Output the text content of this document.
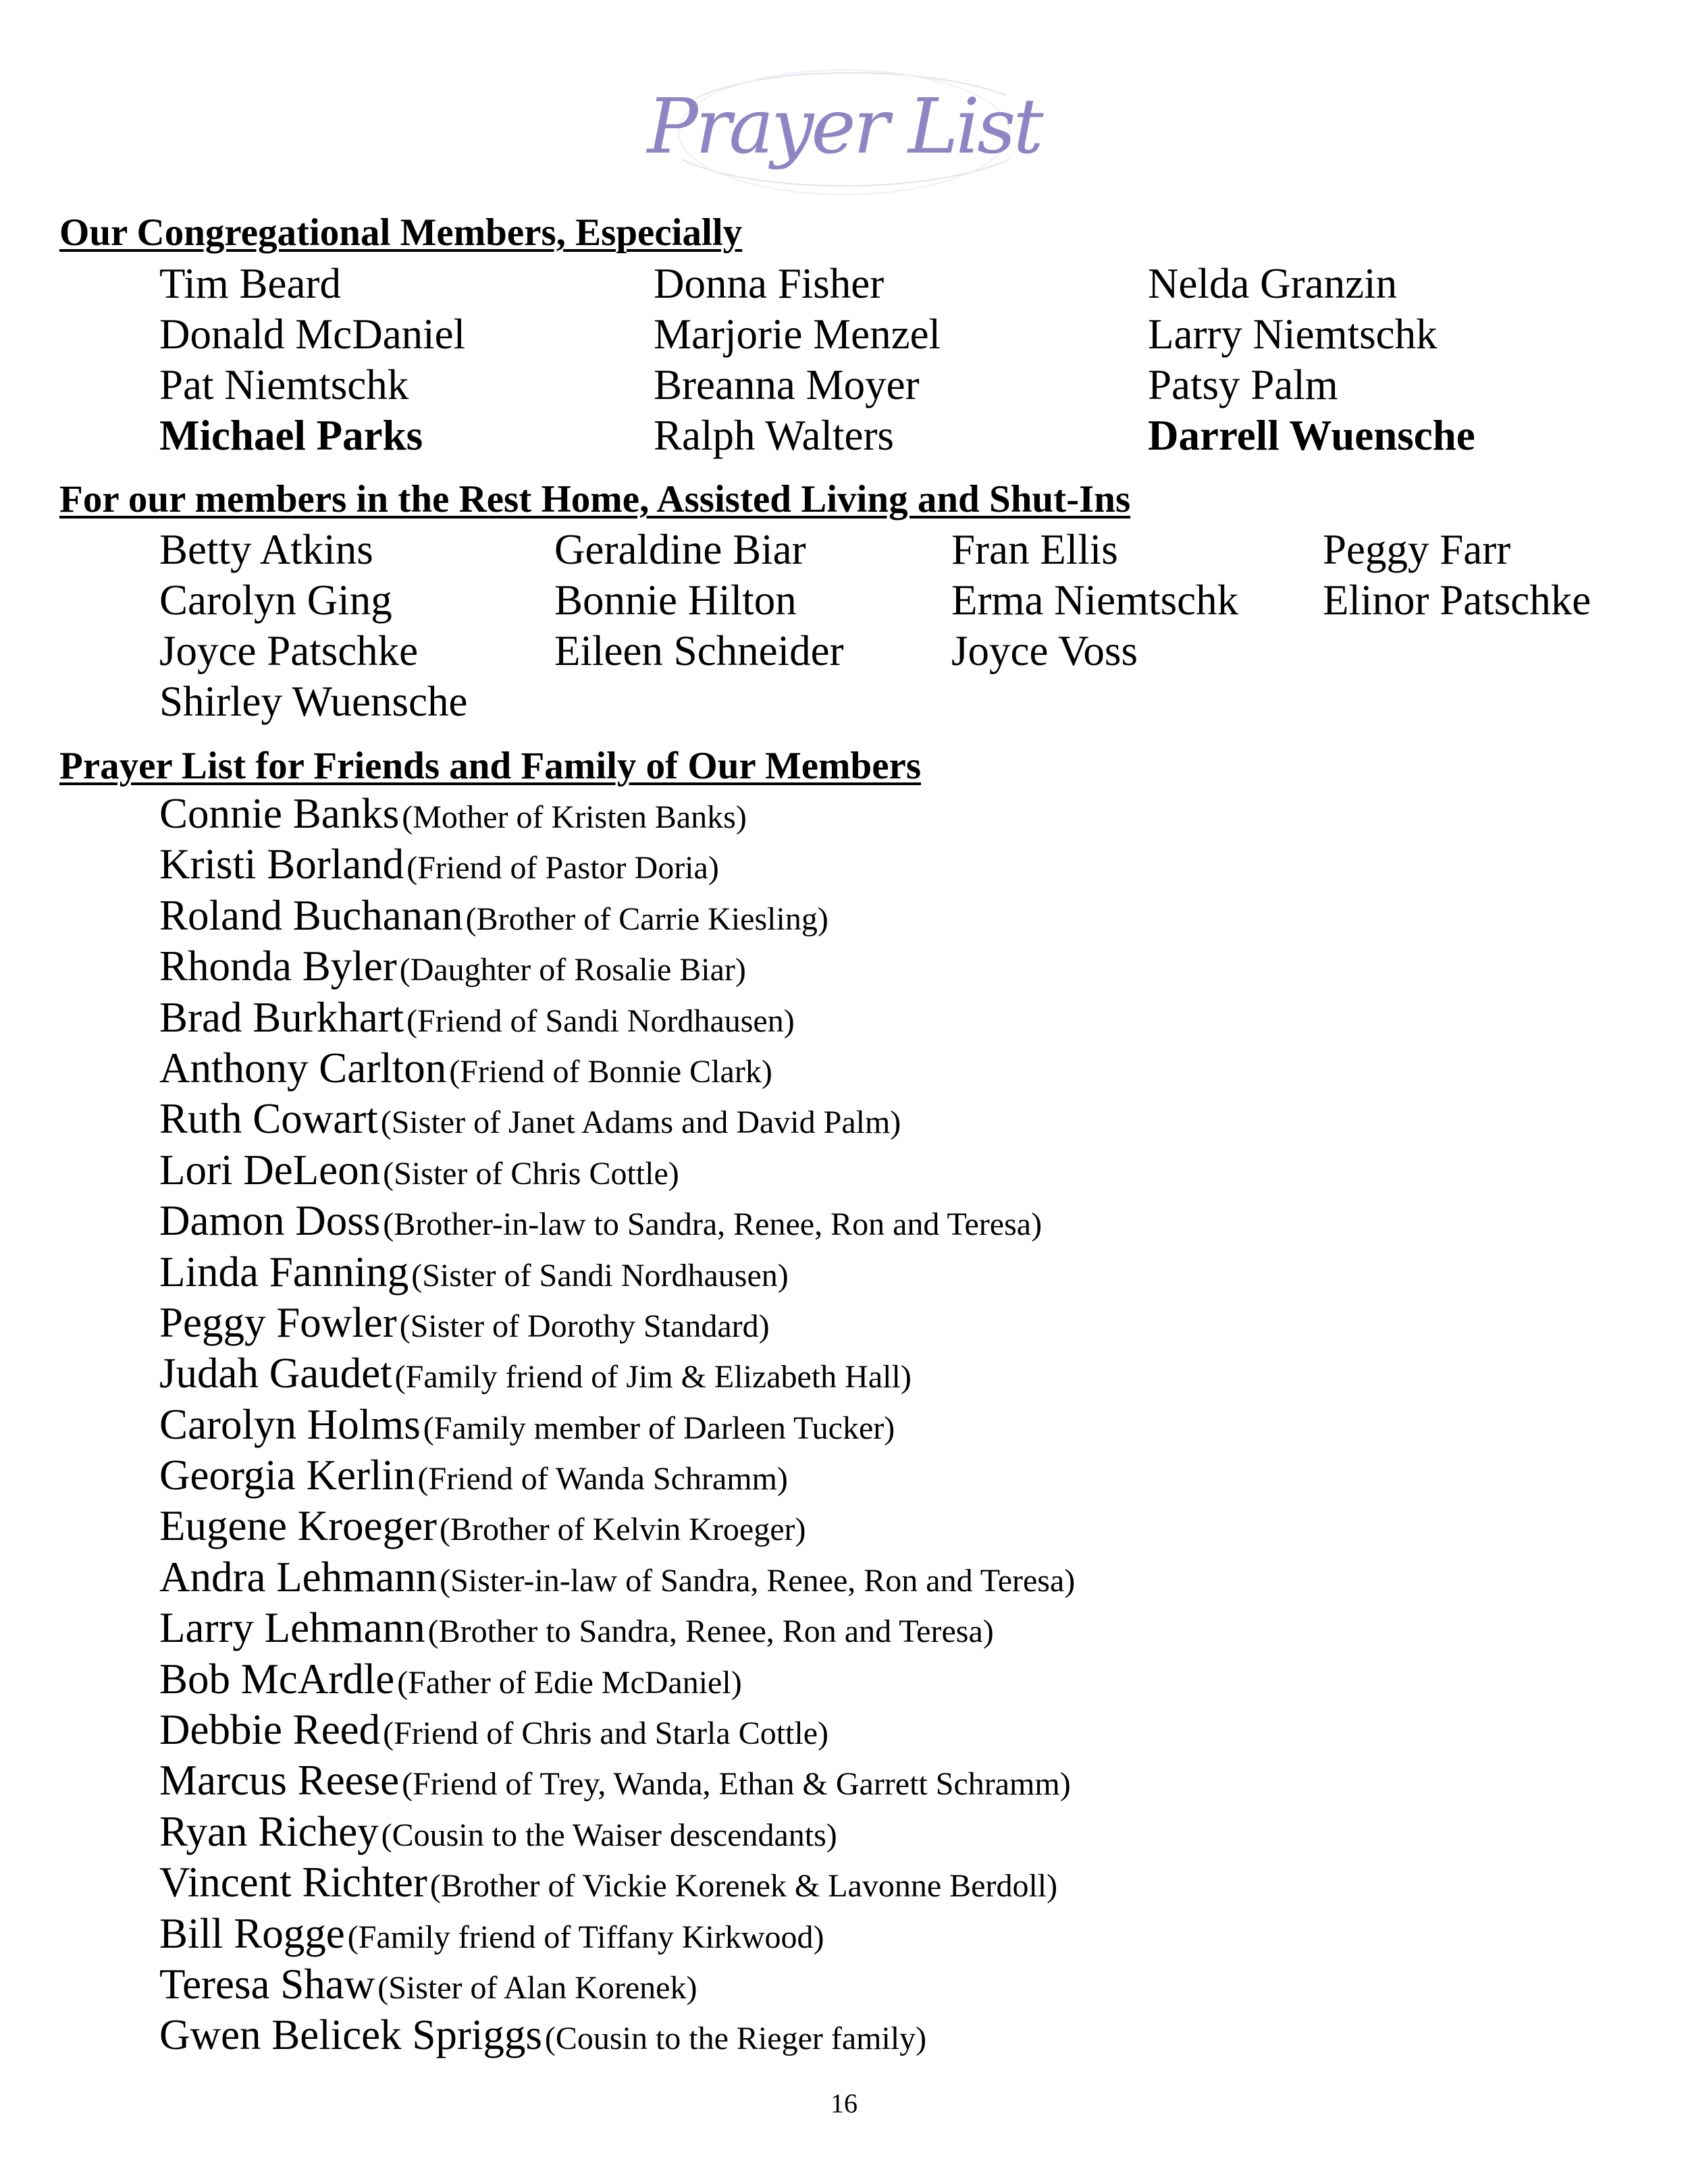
Prayer List
Our Congregational Members, Especially
Tim Beard	Donna Fisher	Nelda Granzin
Donald McDaniel	Marjorie Menzel	Larry Niemtschk
Pat Niemtschk	Breanna Moyer	Patsy Palm
Michael Parks	Ralph Walters	Darrell Wuensche
For our members in the Rest Home, Assisted Living and Shut-Ins
Betty Atkins	Geraldine Biar	Fran Ellis	Peggy Farr
Carolyn Ging	Bonnie Hilton	Erma Niemtschk	Elinor Patschke
Joyce Patschke	Eileen Schneider	Joyce Voss
Shirley Wuensche
Prayer List for Friends and Family of Our Members
Connie Banks (Mother of Kristen Banks)
Kristi Borland (Friend of Pastor Doria)
Roland Buchanan (Brother of Carrie Kiesling)
Rhonda Byler (Daughter of Rosalie Biar)
Brad Burkhart (Friend of Sandi Nordhausen)
Anthony Carlton (Friend of Bonnie Clark)
Ruth Cowart (Sister of Janet Adams and David Palm)
Lori DeLeon (Sister of Chris Cottle)
Damon Doss (Brother-in-law to Sandra, Renee, Ron and Teresa)
Linda Fanning (Sister of Sandi Nordhausen)
Peggy Fowler (Sister of Dorothy Standard)
Judah Gaudet (Family friend of Jim & Elizabeth Hall)
Carolyn Holms (Family member of Darleen Tucker)
Georgia Kerlin (Friend of Wanda Schramm)
Eugene Kroeger (Brother of Kelvin Kroeger)
Andra Lehmann (Sister-in-law of Sandra, Renee, Ron and Teresa)
Larry Lehmann (Brother to Sandra, Renee, Ron and Teresa)
Bob McArdle (Father of Edie McDaniel)
Debbie Reed (Friend of Chris and Starla Cottle)
Marcus Reese (Friend of Trey, Wanda, Ethan & Garrett Schramm)
Ryan Richey (Cousin to the Waiser descendants)
Vincent Richter (Brother of Vickie Korenek & Lavonne Berdoll)
Bill Rogge (Family friend of Tiffany Kirkwood)
Teresa Shaw (Sister of Alan Korenek)
Gwen Belicek Spriggs (Cousin to the Rieger family)
16
